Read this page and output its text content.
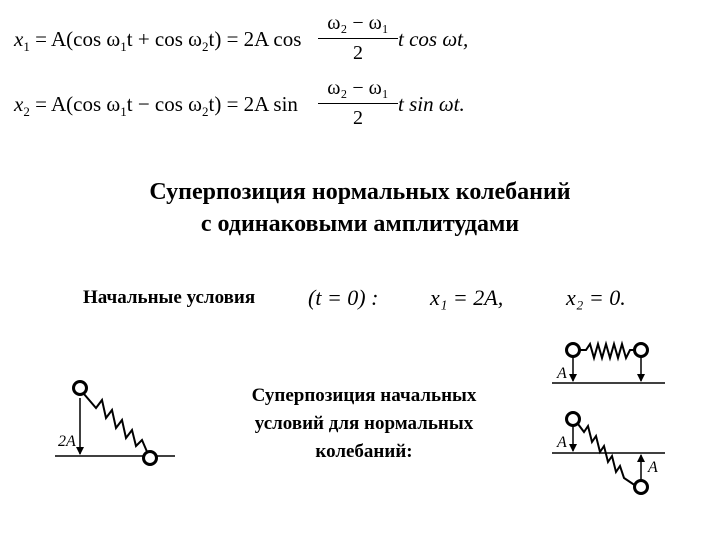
$x_1 = A(\cos$ $\omega_1t + \cos \omega_2t) = 2A$ cos
ω₂ − ω₁
2
t cos ωt,
$x_2 = A(\cos$ $\omega_1t - \cos \omega_2t) = 2A$ sin
ω₂ − ω₁
2
t sin ωt.
Суперпозиция нормальных колебаний
с одинаковыми амплитудами
Начальные условия (t = 0) : x₁ = 2A,	x₂ = 0.
Суперпозиция начальных
условий для нормальных
колебаний:
2A
A
A
A
